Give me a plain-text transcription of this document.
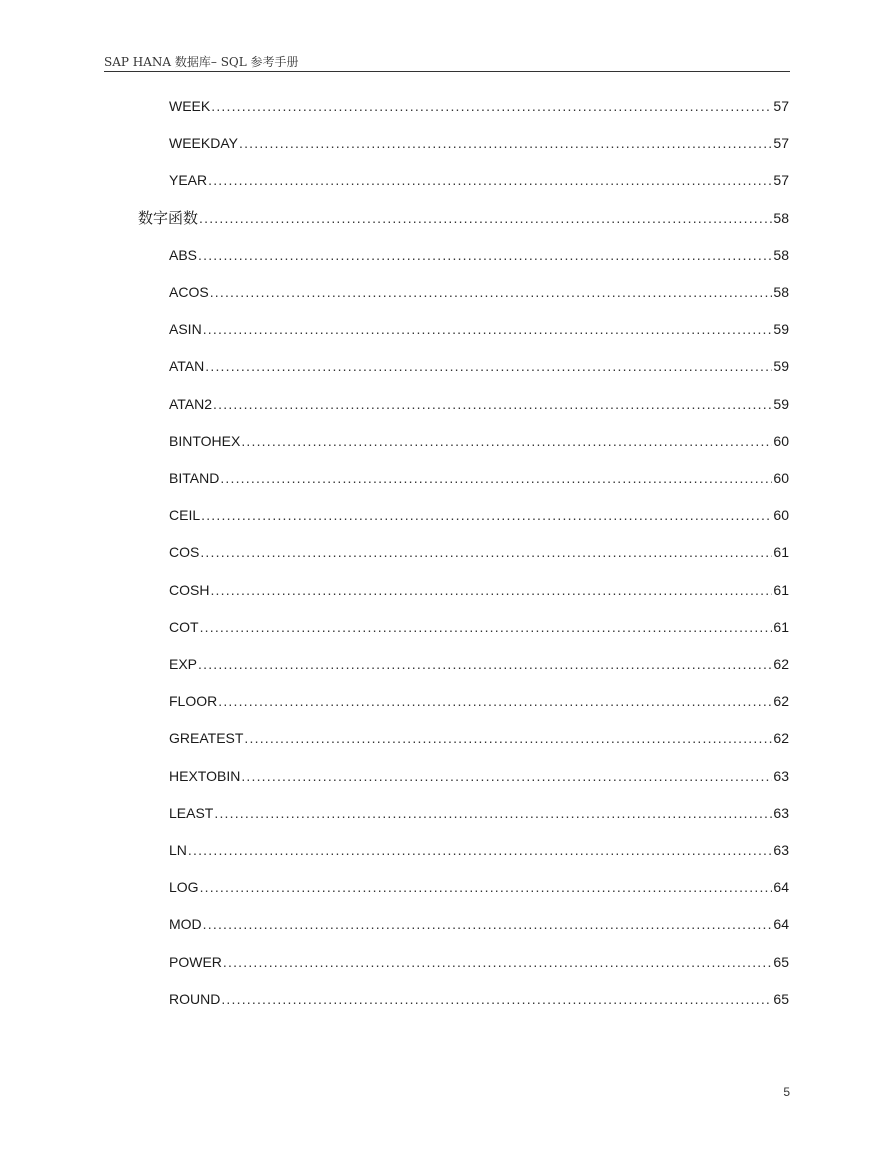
SAP HANA 数据库– SQL 参考手册
WEEK .....	57
WEEKDAY .....	57
YEAR .....	57
数字函数 .....	58
ABS .....	58
ACOS .....	58
ASIN .....	59
ATAN .....	59
ATAN2 .....	59
BINTOHEX .....	60
BITAND .....	60
CEIL .....	60
COS .....	61
COSH .....	61
COT .....	61
EXP .....	62
FLOOR .....	62
GREATEST .....	62
HEXTOBIN .....	63
LEAST .....	63
LN .....	63
LOG .....	64
MOD .....	64
POWER .....	65
ROUND .....	65
5
